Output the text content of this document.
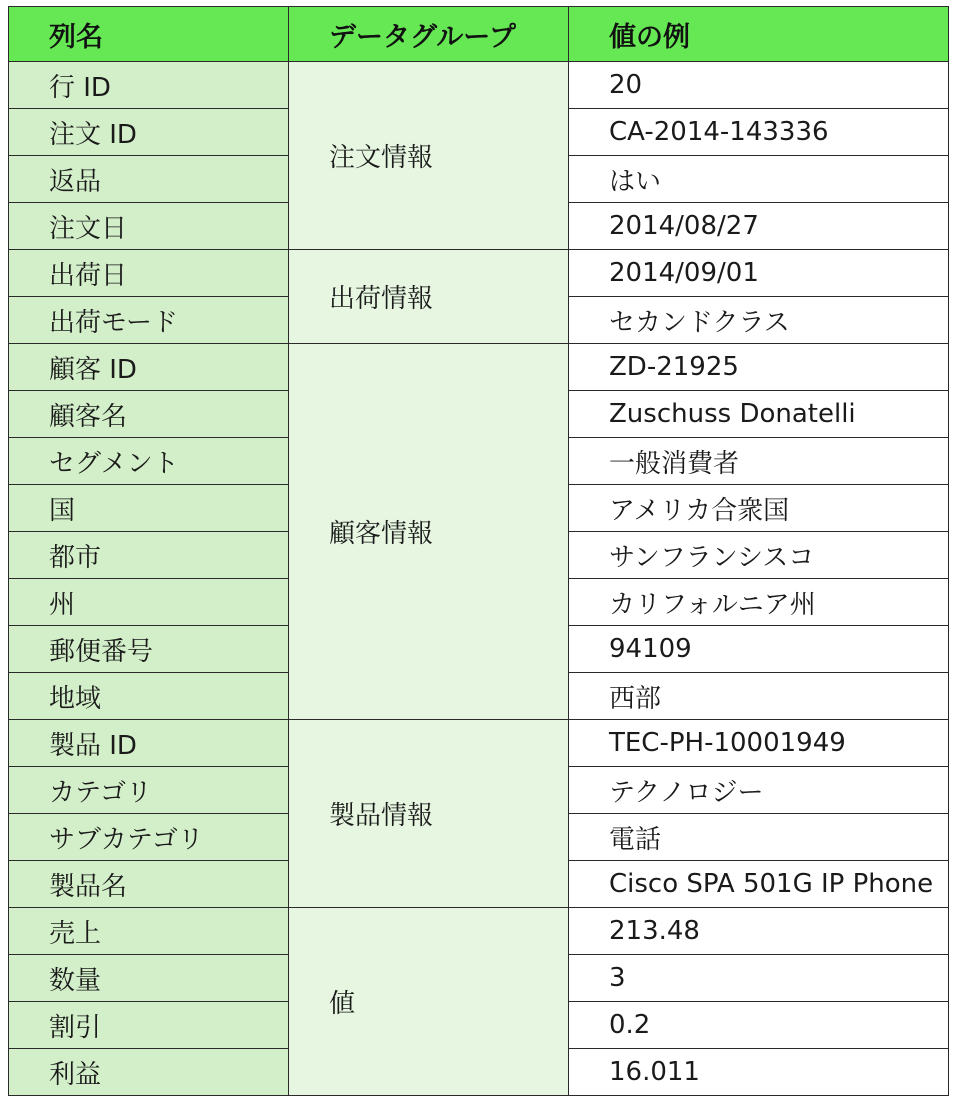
列名	データグループ	値の例
行 ID	注文情報	20
注文 ID		CA-2014-143336
返品		はい
注文日		2014/08/27
出荷日	出荷情報	2014/09/01
出荷モード		セカンドクラス
顧客 ID	顧客情報	ZD-21925
顧客名		Zuschuss Donatelli
セグメント		一般消費者
国		アメリカ合衆国
都市		サンフランシスコ
州		カリフォルニア州
郵便番号		94109
地域		西部
製品 ID	製品情報	TEC-PH-10001949
カテゴリ		テクノロジー
サブカテゴリ		電話
製品名		Cisco SPA 501G IP Phone
売上	値	213.48
数量		3
割引		0.2
利益		16.011
